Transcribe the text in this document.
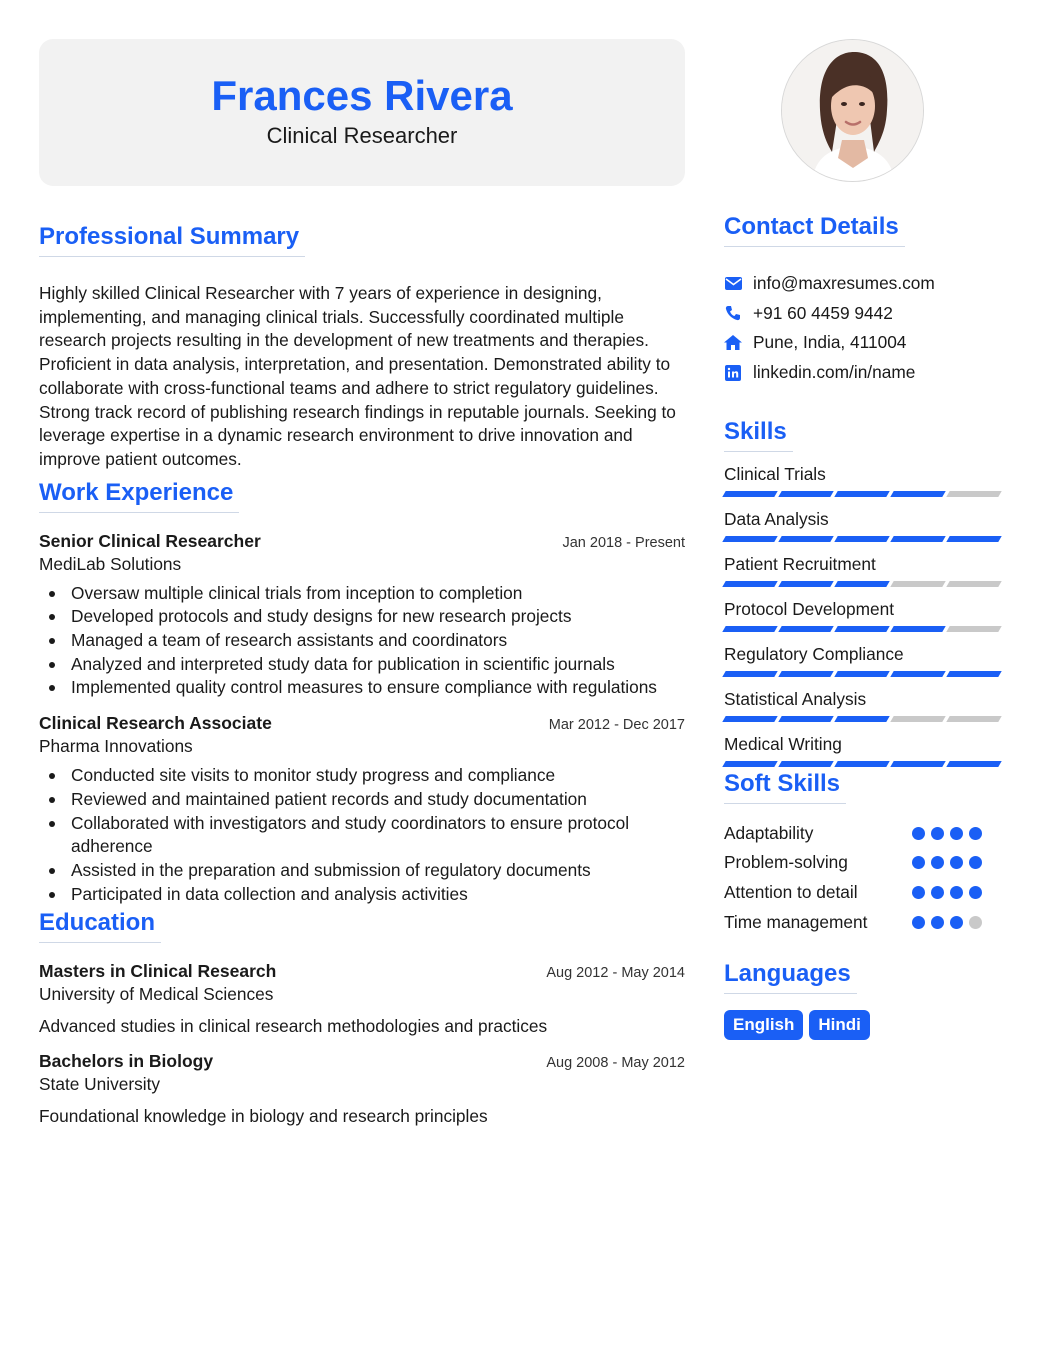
Frances Rivera
Clinical Researcher
Professional Summary

Highly skilled Clinical Researcher with 7 years of experience in designing, implementing, and managing clinical trials. Successfully coordinated multiple research projects resulting in the development of new treatments and therapies. Proficient in data analysis, interpretation, and presentation. Demonstrated ability to collaborate with cross-functional teams and adhere to strict regulatory guidelines. Strong track record of publishing research findings in reputable journals. Seeking to leverage expertise in a dynamic research environment to drive innovation and improve patient outcomes.

Work Experience
Senior Clinical Researcher	Jan 2018 - Present
MediLab Solutions
Oversaw multiple clinical trials from inception to completion
Developed protocols and study designs for new research projects
Managed a team of research assistants and coordinators
Analyzed and interpreted study data for publication in scientific journals
Implemented quality control measures to ensure compliance with regulations
Clinical Research Associate	Mar 2012 - Dec 2017
Pharma Innovations
Conducted site visits to monitor study progress and compliance
Reviewed and maintained patient records and study documentation
Collaborated with investigators and study coordinators to ensure protocol adherence
Assisted in the preparation and submission of regulatory documents
Participated in data collection and analysis activities
Education
Masters in Clinical Research	Aug 2012 - May 2014
University of Medical Sciences
Advanced studies in clinical research methodologies and practices
Bachelors in Biology	Aug 2008 - May 2012
State University
Foundational knowledge in biology and research principles
Contact Details
info@maxresumes.com
+91 60 4459 9442
Pune, India, 411004
linkedin.com/in/name
Skills
Clinical Trials
Data Analysis
Patient Recruitment
Protocol Development
Regulatory Compliance
Statistical Analysis
Medical Writing
Soft Skills
Adaptability
Problem-solving
Attention to detail
Time management
Languages
English	Hindi
